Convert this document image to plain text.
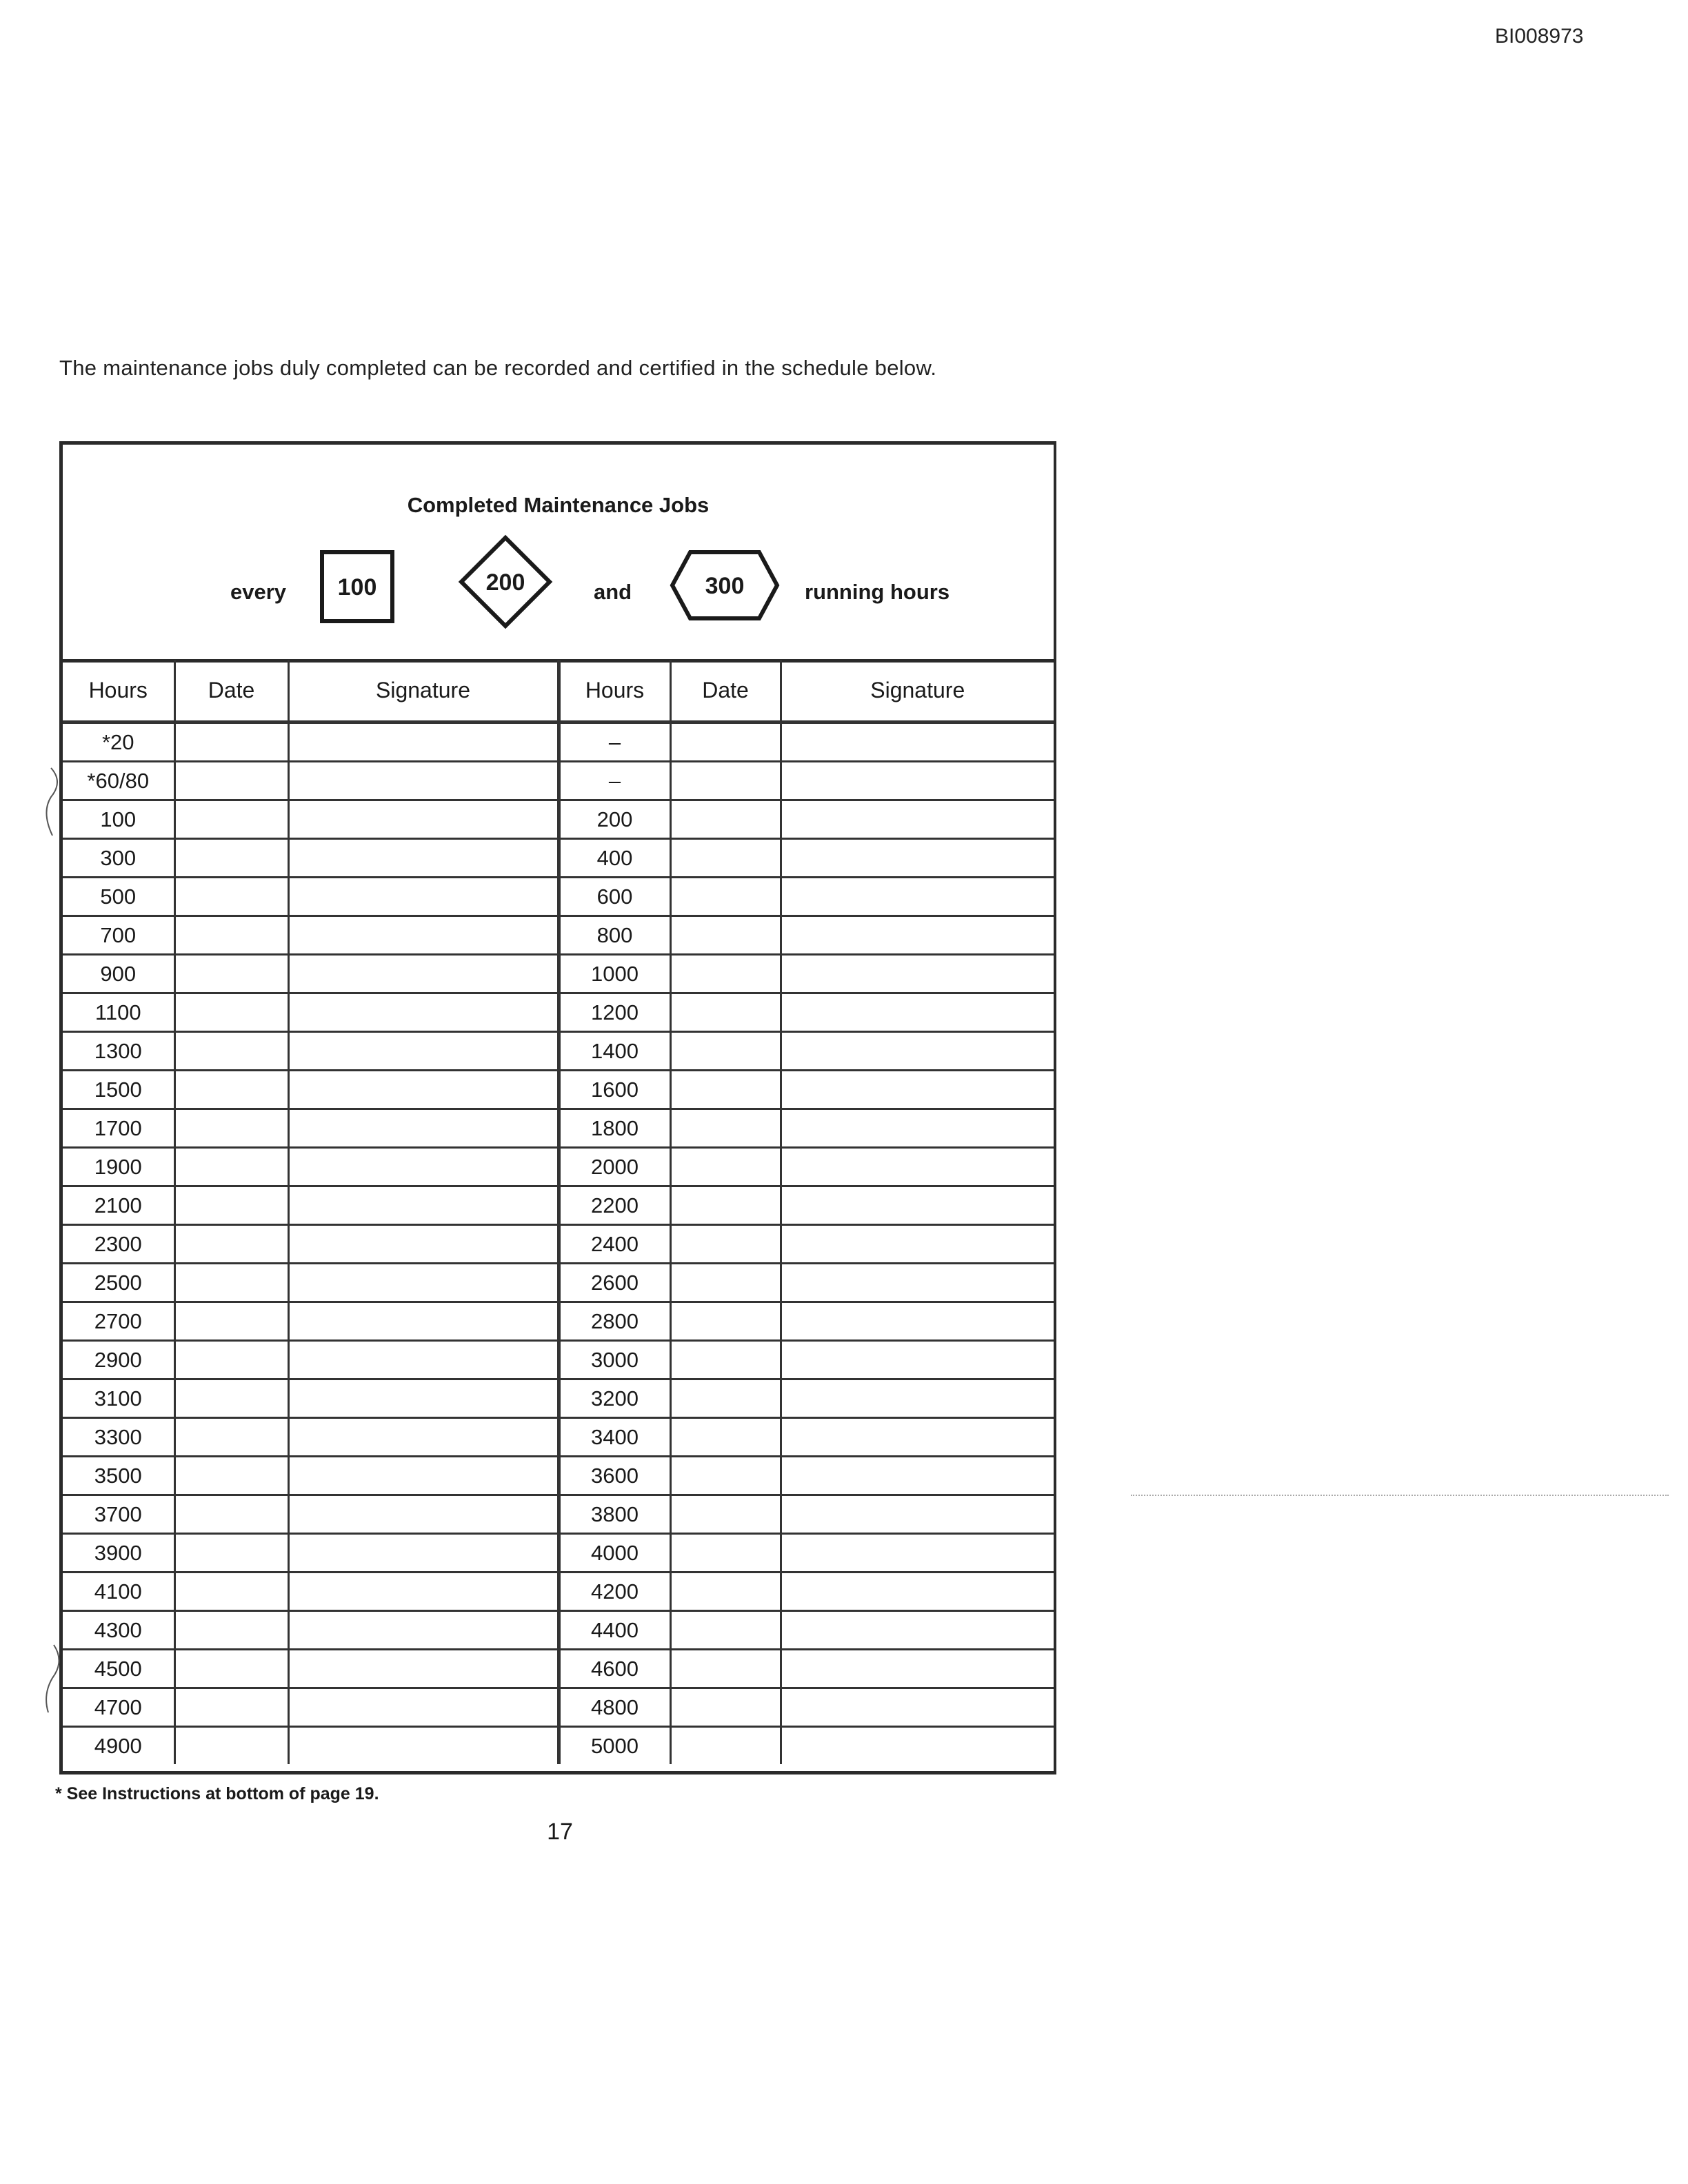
BI008973
The maintenance jobs duly completed can be recorded and certified in the schedule below.
Completed Maintenance Jobs
every 100	200	and	300	running hours
Hours	Date	Signature	Hours	Date	Signature
*20			–		
*60/80			–		
100			200		
300			400		
500			600		
700			800		
900			1000		
1100			1200		
1300			1400		
1500			1600		
1700			1800		
1900			2000		
2100			2200		
2300			2400		
2500			2600		
2700			2800		
2900			3000		
3100			3200		
3300			3400		
3500			3600		
3700			3800		
3900			4000		
4100			4200		
4300			4400		
4500			4600		
4700			4800		
4900			5000		
* See Instructions at bottom of page 19.
17
